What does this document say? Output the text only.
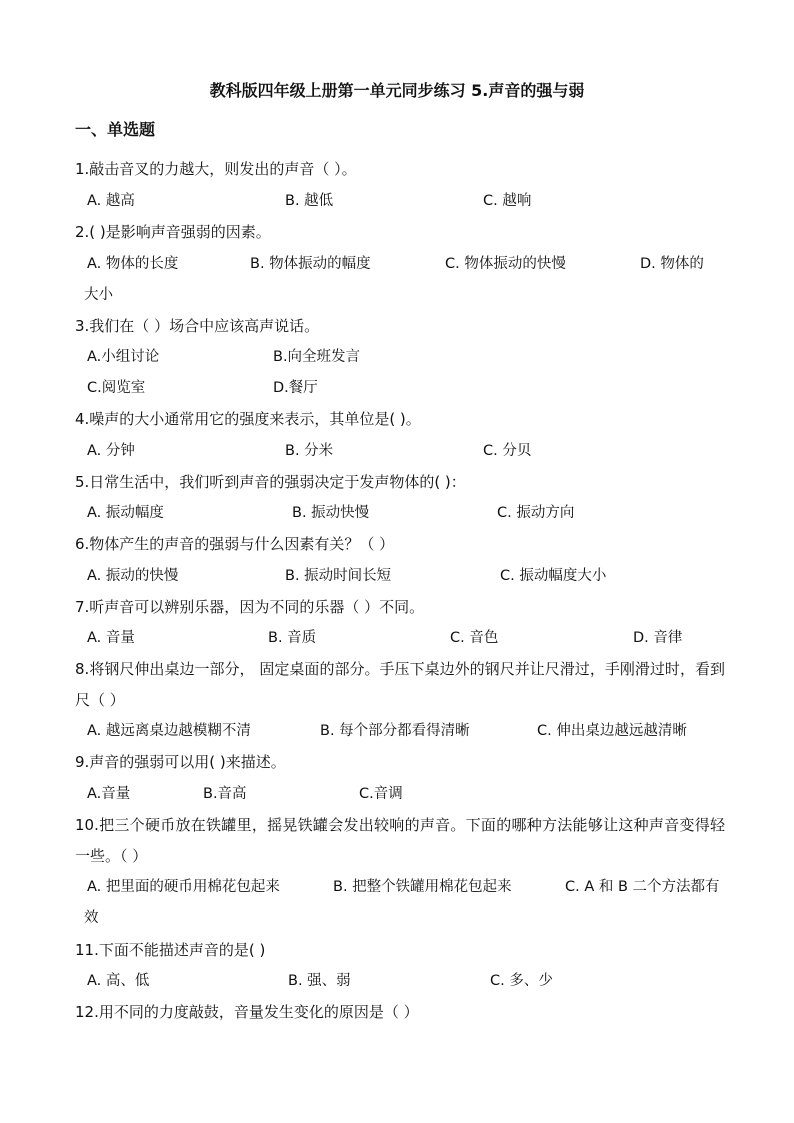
教科版四年级上册第一单元同步练习 5.声音的强与弱
一、单选题
1.敲击音叉的力越大，则发出的声音（ ）。
A. 越高	B. 越低	C. 越响
2.( )是影响声音强弱的因素。
A. 物体的长度	B. 物体振动的幅度	C. 物体振动的快慢	D. 物体的
大小
3.我们在（ ）场合中应该高声说话。
A.小组讨论	B.向全班发言
C.阅览室	D.餐厅
4.噪声的大小通常用它的强度来表示，其单位是( )。
A. 分钟	B. 分米	C. 分贝
5.日常生活中，我们听到声音的强弱决定于发声物体的( )：
A. 振动幅度	B. 振动快慢	C. 振动方向
6.物体产生的声音的强弱与什么因素有关？（ ）
A. 振动的快慢	B. 振动时间长短	C. 振动幅度大小
7.听声音可以辨别乐器，因为不同的乐器（ ）不同。
A. 音量	B. 音质	C. 音色	D. 音律
8.将钢尺伸出桌边一部分， 固定桌面的部分。手压下桌边外的钢尺并让尺滑过，手刚滑过时，看到尺（ ）
A. 越远离桌边越模糊不清	B. 每个部分都看得清晰	C. 伸出桌边越远越清晰
9.声音的强弱可以用( )来描述。
A.音量	B.音高	C.音调
10.把三个硬币放在铁罐里，摇晃铁罐会发出较响的声音。下面的哪种方法能够让这种声音变得轻一些。（ ）
A. 把里面的硬币用棉花包起来	B. 把整个铁罐用棉花包起来	C. A 和 B 二个方法都有
效
11.下面不能描述声音的是( )
A. 高、低	B. 强、弱	C. 多、少
12.用不同的力度敲鼓，音量发生变化的原因是（ ）
